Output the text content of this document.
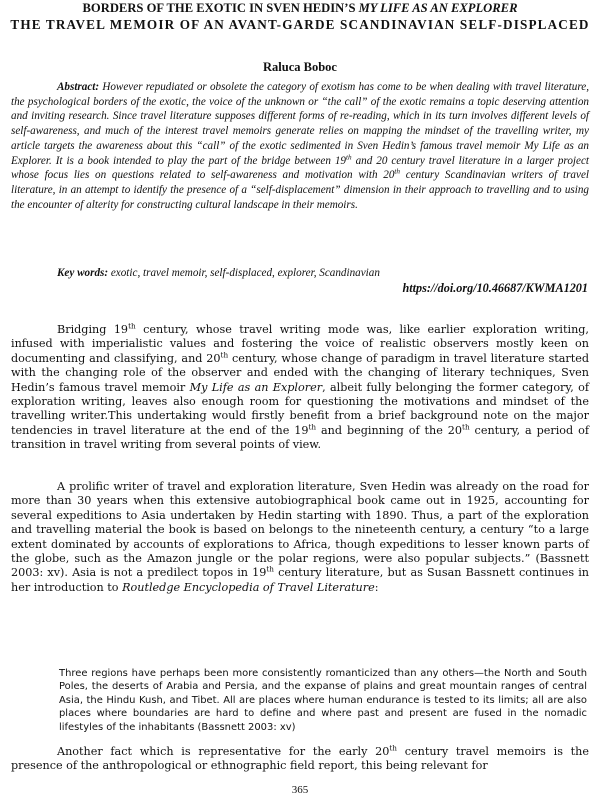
BORDERS OF THE EXOTIC IN SVEN HEDIN’S MY LIFE AS AN EXPLORER
THE TRAVEL MEMOIR OF AN AVANT-GARDE SCANDINAVIAN SELF-DISPLACED
Raluca Boboc

Abstract: However repudiated or obsolete the category of exotism has come to be when dealing with travel literature, the psychological borders of the exotic, the voice of the unknown or “the call” of the exotic remains a topic deserving attention and inviting research. Since travel literature supposes different forms of re-reading, which in its turn involves different levels of self-awareness, and much of the interest travel memoirs generate relies on mapping the mindset of the travelling writer, my article targets the awareness about this “call” of the exotic sedimented in Sven Hedin’s famous travel memoir My Life as an Explorer. It is a book intended to play the part of the bridge between 19th and 20 century travel literature in a larger project whose focus lies on questions related to self-awareness and motivation with 20th century Scandinavian writers of travel literature, in an attempt to identify the presence of a “self-displacement” dimension in their approach to travelling and to using the encounter of alterity for constructing cultural landscape in their memoirs.

Key words: exotic, travel memoir, self-displaced, explorer, Scandinavian
https://doi.org/10.46687/KWMA1201

Bridging 19th century, whose travel writing mode was, like earlier exploration writing, infused with imperialistic values and fostering the voice of realistic observers mostly keen on documenting and classifying, and 20th century, whose change of paradigm in travel literature started with the changing role of the observer and ended with the changing of literary techniques, Sven Hedin’s famous travel memoir My Life as an Explorer, albeit fully belonging the former category, of exploration writing, leaves also enough room for questioning the motivations and mindset of the travelling writer.This undertaking would firstly benefit from a brief background note on the major tendencies in travel literature at the end of the 19th and beginning of the 20th century, a period of transition in travel writing from several points of view.

A prolific writer of travel and exploration literature, Sven Hedin was already on the road for more than 30 years when this extensive autobiographical book came out in 1925, accounting for several expeditions to Asia undertaken by Hedin starting with 1890. Thus, a part of the exploration and travelling material the book is based on belongs to the nineteenth century, a century “to a large extent dominated by accounts of explorations to Africa, though expeditions to lesser known parts of the globe, such as the Amazon jungle or the polar regions, were also popular subjects.” (Bassnett 2003: xv). Asia is not a predilect topos in 19th century literature, but as Susan Bassnett continues in her introduction to Routledge Encyclopedia of Travel Literature:

Three regions have perhaps been more consistently romanticized than any others—the North and South Poles, the deserts of Arabia and Persia, and the expanse of plains and great mountain ranges of central Asia, the Hindu Kush, and Tibet. All are places where human endurance is tested to its limits; all are also places where boundaries are hard to define and where past and present are fused in the nomadic lifestyles of the inhabitants (Bassnett 2003: xv)

Another fact which is representative for the early 20th century travel memoirs is the presence of the anthropological or ethnographic field report, this being relevant for

365
